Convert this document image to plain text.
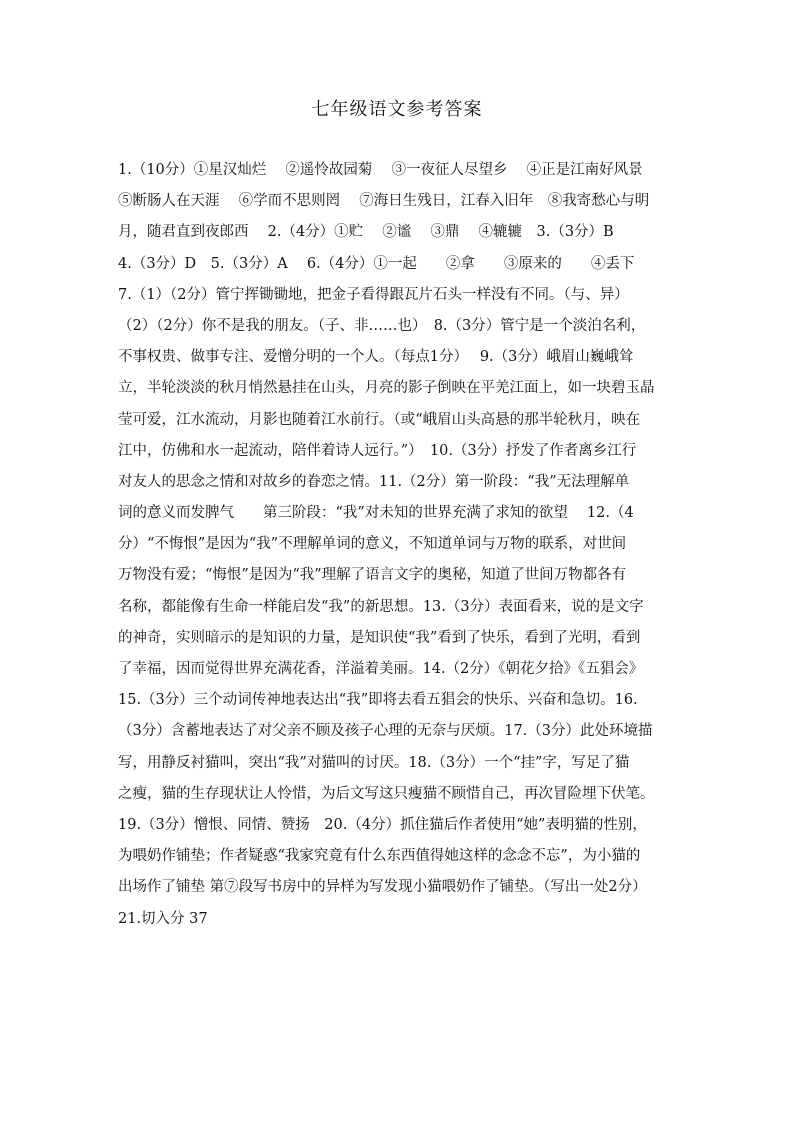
七年级语文参考答案
1.（10分）①星汉灿烂　 ②遥怜故园菊　 ③一夜征人尽望乡　 ④正是江南好风景
⑤断肠人在天涯　 ⑥学而不思则罔　 ⑦海日生残日，江春入旧年　⑧我寄愁心与明
月，随君直到夜郎西　 2.（4分）①贮　 ②谧　 ③鼎　 ④辘辘　3.（3分）B
4.（3分）D　5.（3分）A　 6.（4分）①一起　　②拿　　③原来的　　④丢下
7.（1）（2分）管宁挥锄锄地，把金子看得跟瓦片石头一样没有不同。（与、异）
（2）（2分）你不是我的朋友。（子、非……也）　8.（3分）管宁是一个淡泊名利，
不事权贵、做事专注、爱憎分明的一个人。（每点1分）　 9.（3分）峨眉山巍峨耸
立，半轮淡淡的秋月悄然悬挂在山头，月亮的影子倒映在平羌江面上，如一块碧玉晶
莹可爱，江水流动，月影也随着江水前行。（或“峨眉山头高悬的那半轮秋月，映在
江中，仿佛和水一起流动，陪伴着诗人远行。”）　10.（3分）抒发了作者离乡江行
对友人的思念之情和对故乡的眷恋之情。11.（2分）第一阶段：“我”无法理解单
词的意义而发脾气　　第三阶段：“我”对未知的世界充满了求知的欲望　 12.（4
分）“不悔恨”是因为“我”不理解单词的意义，不知道单词与万物的联系，对世间
万物没有爱；“悔恨”是因为“我”理解了语言文字的奥秘，知道了世间万物都各有
名称，都能像有生命一样能启发“我”的新思想。13.（3分）表面看来，说的是文字
的神奇，实则暗示的是知识的力量，是知识使“我”看到了快乐，看到了光明，看到
了幸福，因而觉得世界充满花香，洋溢着美丽。14.（2分）《朝花夕拾》《五猖会》
15.（3分）三个动词传神地表达出“我”即将去看五猖会的快乐、兴奋和急切。16.
（3分）含蓄地表达了对父亲不顾及孩子心理的无奈与厌烦。17.（3分）此处环境描
写，用静反衬猫叫，突出“我”对猫叫的讨厌。18.（3分）一个“挂”字，写足了猫
之瘦，猫的生存现状让人怜惜，为后文写这只瘦猫不顾惜自己，再次冒险埋下伏笔。
19.（3分）憎恨、同情、赞扬　20.（4分）抓住猫后作者使用“她”表明猫的性别，
为喂奶作铺垫；作者疑惑“我家究竟有什么东西值得她这样的念念不忘”，为小猫的
出场作了铺垫 第⑦段写书房中的异样为写发现小猫喂奶作了铺垫。（写出一处2分）
21.切入分 37
